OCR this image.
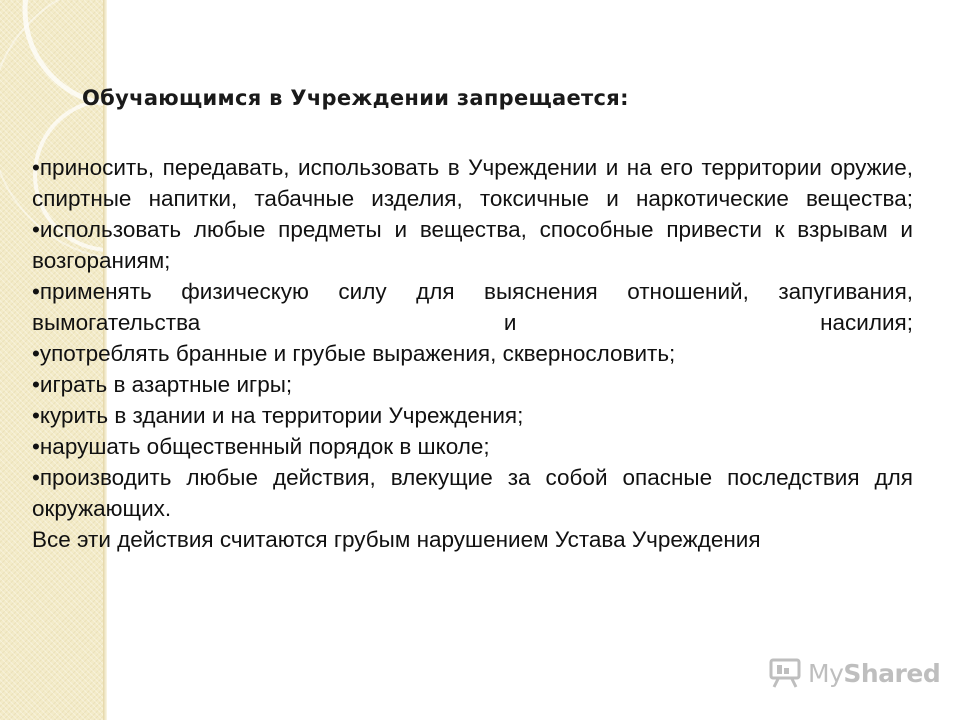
Обучающимся в Учреждении запрещается:

•приносить, передавать, использовать в Учреждении и на его территории оружие, спиртные напитки, табачные изделия, токсичные и наркотические вещества;

•использовать любые предметы и вещества, способные привести к взрывам и возгораниям;

•применять физическую силу для выяснения отношений, запугивания, вымогательства и насилия;

•употреблять бранные и грубые выражения, сквернословить;

•играть в азартные игры;

•курить в здании и на территории Учреждения;

•нарушать общественный порядок в школе;

•производить любые действия, влекущие за собой опасные последствия для окружающих.

Все эти действия считаются грубым нарушением Устава Учреждения

MyShared
